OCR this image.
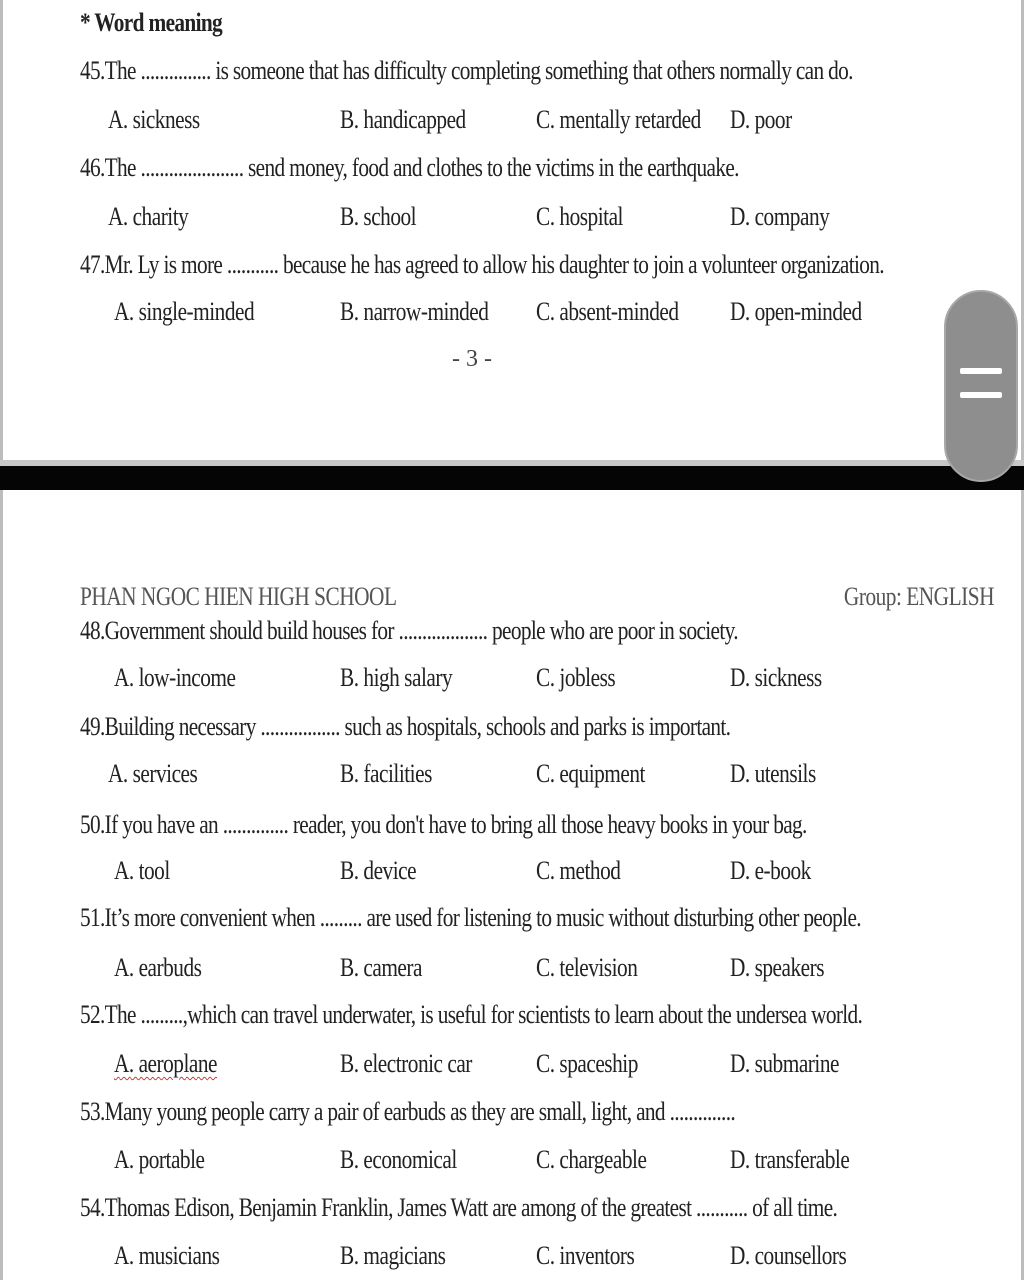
* Word meaning
45.The ............... is someone that has difficulty completing something that others normally can do.
A. sickness	B. handicapped	C. mentally retarded D. poor
46.The ...................... send money, food and clothes to the victims in the earthquake.
A. charity	B. school	C. hospital	D. company
47.Mr. Ly is more ........... because he has agreed to allow his daughter to join a volunteer organization.
A. single-minded	B. narrow-minded C. absent-minded D. open-minded
- 3 -
PHAN NGOC HIEN HIGH SCHOOL	Group: ENGLISH
48.Government should build houses for ................... people who are poor in society.
A. low-income	B. high salary	C. jobless	D. sickness
49.Building necessary ................. such as hospitals, schools and parks is important.
A. services	B. facilities	C. equipment	D. utensils
50.If you have an .............. reader, you don't have to bring all those heavy books in your bag.
A. tool	B. device	C. method	D. e-book
51.It’s more convenient when ......... are used for listening to music without disturbing other people.
A. earbuds	B. camera	C. television	D. speakers
52.The .........,which can travel underwater, is useful for scientists to learn about the undersea world.
A. aeroplane	B. electronic car C. spaceship	D. submarine
53.Many young people carry a pair of earbuds as they are small, light, and ..............
A. portable	B. economical	C. chargeable	D. transferable
54.Thomas Edison, Benjamin Franklin, James Watt are among of the greatest ........... of all time.
A. musicians	B. magicians	C. inventors	D. counsellors
